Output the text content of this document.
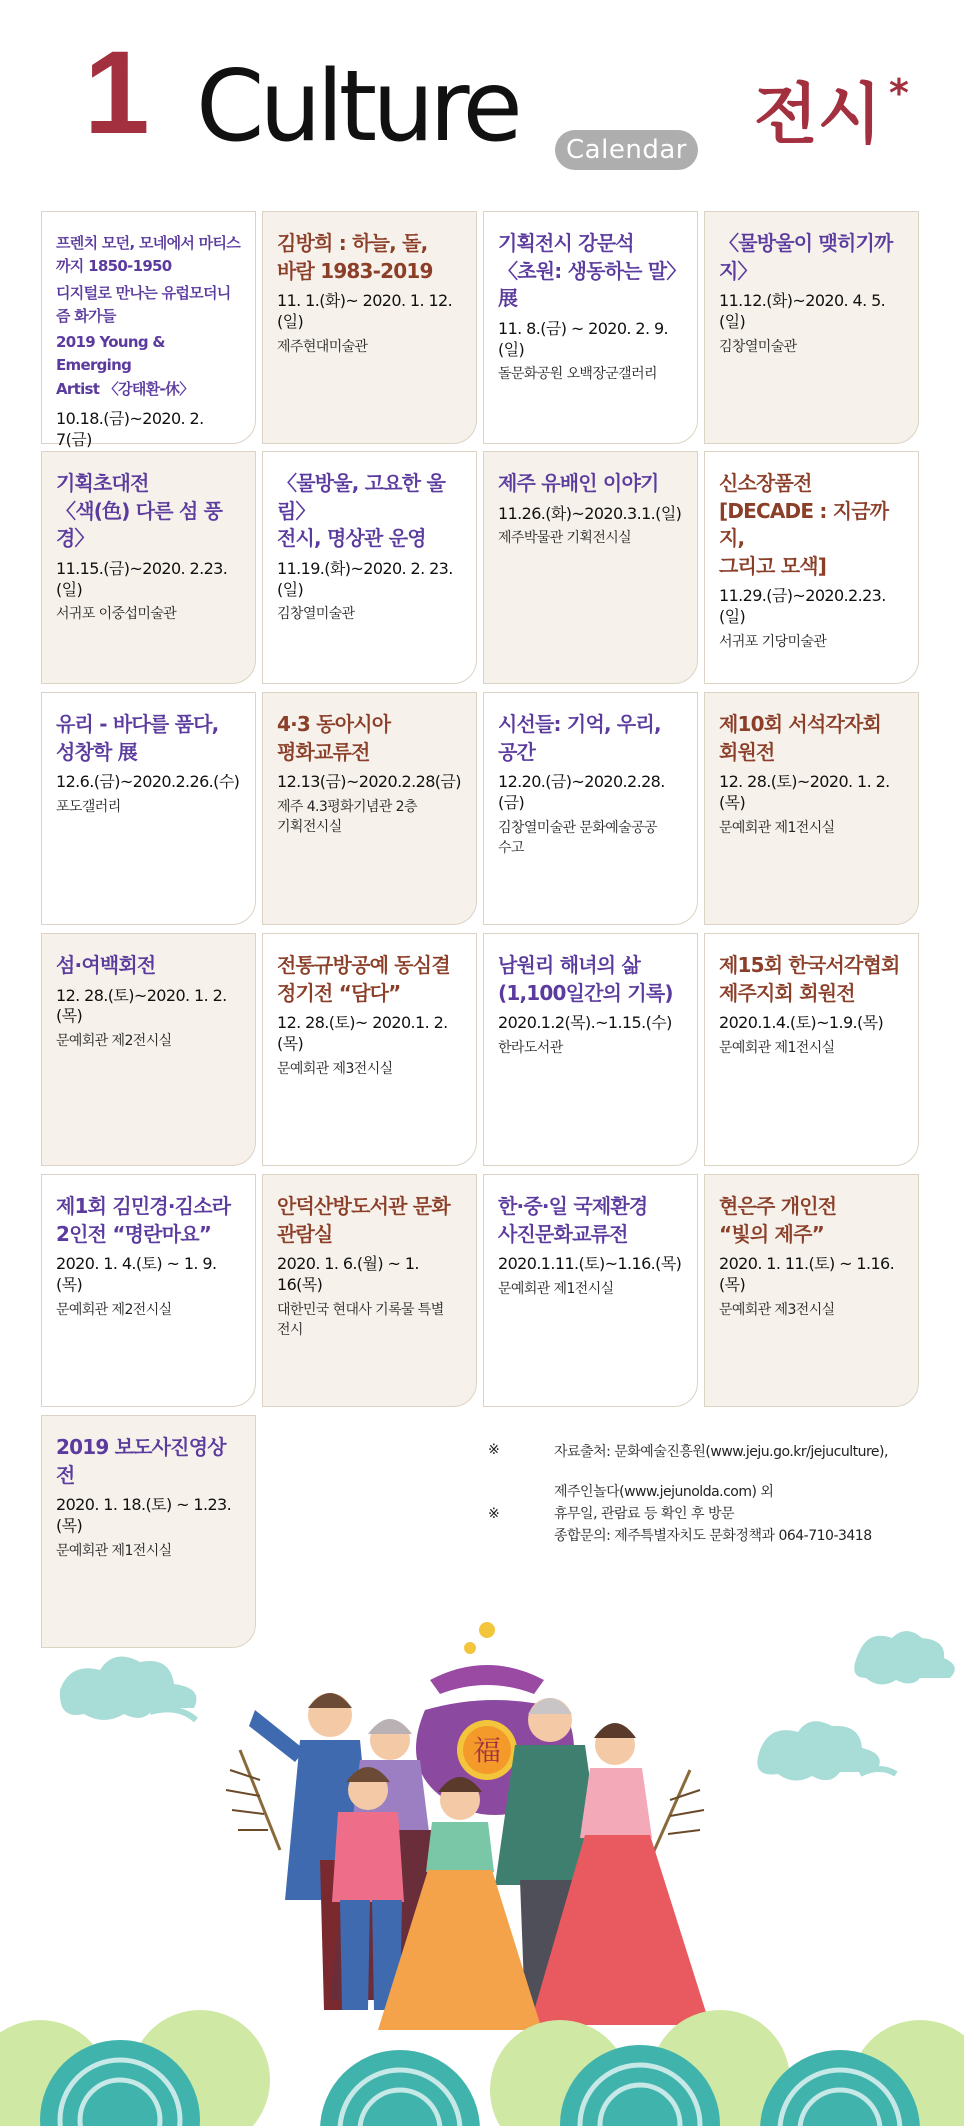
1 Culture	Calendar 전시 *
프렌치 모던, 모네에서 마티스
까지 1850-1950
디지털로 만나는 유럽모더니
즘 화가들
2019 Young & Emerging
Artist 〈강태환-休〉
10.18.(금)~2020. 2. 7(금)
김방희 : 하늘, 돌,
바람 1983-2019
11. 1.(화)~ 2020. 1. 12.(일)
제주현대미술관
기획전시 강문석
〈초원: 생동하는 말〉展
11. 8.(금) ~ 2020. 2. 9.(일)
돌문화공원 오백장군갤러리
〈물방울이 맺히기까지〉
11.12.(화)~2020. 4. 5.(일)
김창열미술관
기획초대전
〈색(色) 다른 섬 풍경〉
11.15.(금)~2020. 2.23.(일)
서귀포 이중섭미술관
〈물방울, 고요한 울림〉
전시, 명상관 운영
11.19.(화)~2020. 2. 23.(일)
김창열미술관
제주 유배인 이야기
11.26.(화)~2020.3.1.(일)
제주박물관 기획전시실
신소장품전
[DECADE : 지금까지,
그리고 모색]
11.29.(금)~2020.2.23.(일)
서귀포 기당미술관
유리 - 바다를 품다,
성창학 展
12.6.(금)~2020.2.26.(수)
포도갤러리
4·3 동아시아
평화교류전
12.13(금)~2020.2.28(금)
제주 4.3평화기념관 2층
기획전시실
시선들: 기억, 우리,
공간
12.20.(금)~2020.2.28.(금)
김창열미술관 문화예술공공
수고
제10회 서석각자회
회원전
12. 28.(토)~2020. 1. 2.(목)
문예회관 제1전시실
섬·여백회전
12. 28.(토)~2020. 1. 2.(목)
문예회관 제2전시실
전통규방공예 동심결
정기전 “담다”
12. 28.(토)~ 2020.1. 2.(목)
문예회관 제3전시실
남원리 해녀의 삶
(1,100일간의 기록)
2020.1.2(목).~1.15.(수)
한라도서관
제15회 한국서각협회
제주지회 회원전
2020.1.4.(토)~1.9.(목)
문예회관 제1전시실
제1회 김민경·김소라
2인전 “명란마요”
2020. 1. 4.(토) ~ 1. 9.(목)
문예회관 제2전시실
안덕산방도서관 문화
관람실
2020. 1. 6.(월) ~ 1. 16(목)
대한민국 현대사 기록물 특별
전시
한·중·일 국제환경
사진문화교류전
2020.1.11.(토)~1.16.(목)
문예회관 제1전시실
현은주 개인전
“빛의 제주”
2020. 1. 11.(토) ~ 1.16.(목)
문예회관 제3전시실
2019 보도사진영상전
2020. 1. 18.(토) ~ 1.23.(목)
문예회관 제1전시실
※	자료출처: 문화예술진흥원(www.jeju.go.kr/jejuculture),
제주인놀다(www.jejunolda.com) 외
※	휴무일, 관람료 등 확인 후 방문
종합문의: 제주특별자치도 문화정책과 064-710-3418
福
